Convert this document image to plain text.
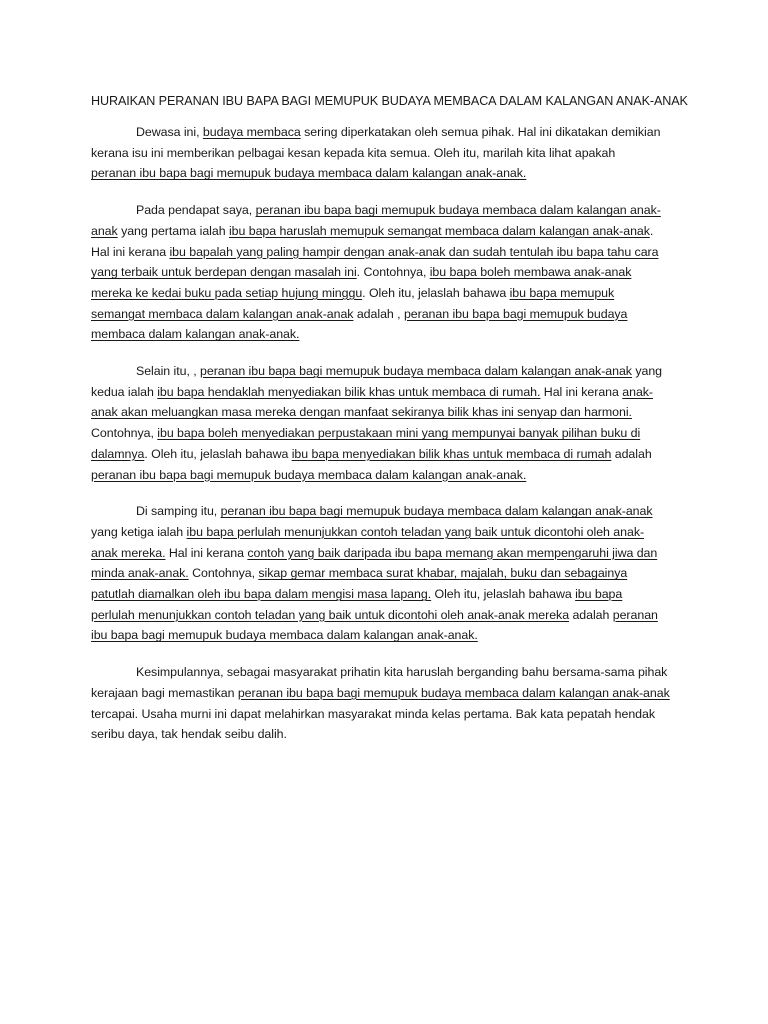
HURAIKAN PERANAN IBU BAPA BAGI MEMUPUK BUDAYA MEMBACA DALAM KALANGAN ANAK-ANAK

Dewasa ini, budaya membaca sering diperkatakan oleh semua pihak. Hal ini dikatakan demikian
kerana isu ini memberikan pelbagai kesan kepada kita semua. Oleh itu, marilah kita lihat apakah
peranan ibu bapa bagi memupuk budaya membaca dalam kalangan anak-anak.

Pada pendapat saya, peranan ibu bapa bagi memupuk budaya membaca dalam kalangan anak-
anak yang pertama ialah ibu bapa haruslah memupuk semangat membaca dalam kalangan anak-anak.
Hal ini kerana ibu bapalah yang paling hampir dengan anak-anak dan sudah tentulah ibu bapa tahu cara
yang terbaik untuk berdepan dengan masalah ini. Contohnya, ibu bapa boleh membawa anak-anak
mereka ke kedai buku pada setiap hujung minggu. Oleh itu, jelaslah bahawa ibu bapa memupuk
semangat membaca dalam kalangan anak-anak adalah , peranan ibu bapa bagi memupuk budaya
membaca dalam kalangan anak-anak.

Selain itu, , peranan ibu bapa bagi memupuk budaya membaca dalam kalangan anak-anak yang
kedua ialah ibu bapa hendaklah menyediakan bilik khas untuk membaca di rumah. Hal ini kerana anak-
anak akan meluangkan masa mereka dengan manfaat sekiranya bilik khas ini senyap dan harmoni.
Contohnya, ibu bapa boleh menyediakan perpustakaan mini yang mempunyai banyak pilihan buku di
dalamnya. Oleh itu, jelaslah bahawa ibu bapa menyediakan bilik khas untuk membaca di rumah adalah
peranan ibu bapa bagi memupuk budaya membaca dalam kalangan anak-anak.

Di samping itu, peranan ibu bapa bagi memupuk budaya membaca dalam kalangan anak-anak
yang ketiga ialah ibu bapa perlulah menunjukkan contoh teladan yang baik untuk dicontohi oleh anak-
anak mereka. Hal ini kerana contoh yang baik daripada ibu bapa memang akan mempengaruhi jiwa dan
minda anak-anak. Contohnya, sikap gemar membaca surat khabar, majalah, buku dan sebagainya
patutlah diamalkan oleh ibu bapa dalam mengisi masa lapang. Oleh itu, jelaslah bahawa ibu bapa
perlulah menunjukkan contoh teladan yang baik untuk dicontohi oleh anak-anak mereka adalah peranan
ibu bapa bagi memupuk budaya membaca dalam kalangan anak-anak.

Kesimpulannya, sebagai masyarakat prihatin kita haruslah berganding bahu bersama-sama pihak
kerajaan bagi memastikan peranan ibu bapa bagi memupuk budaya membaca dalam kalangan anak-anak
tercapai. Usaha murni ini dapat melahirkan masyarakat minda kelas pertama. Bak kata pepatah hendak
seribu daya, tak hendak seibu dalih.
